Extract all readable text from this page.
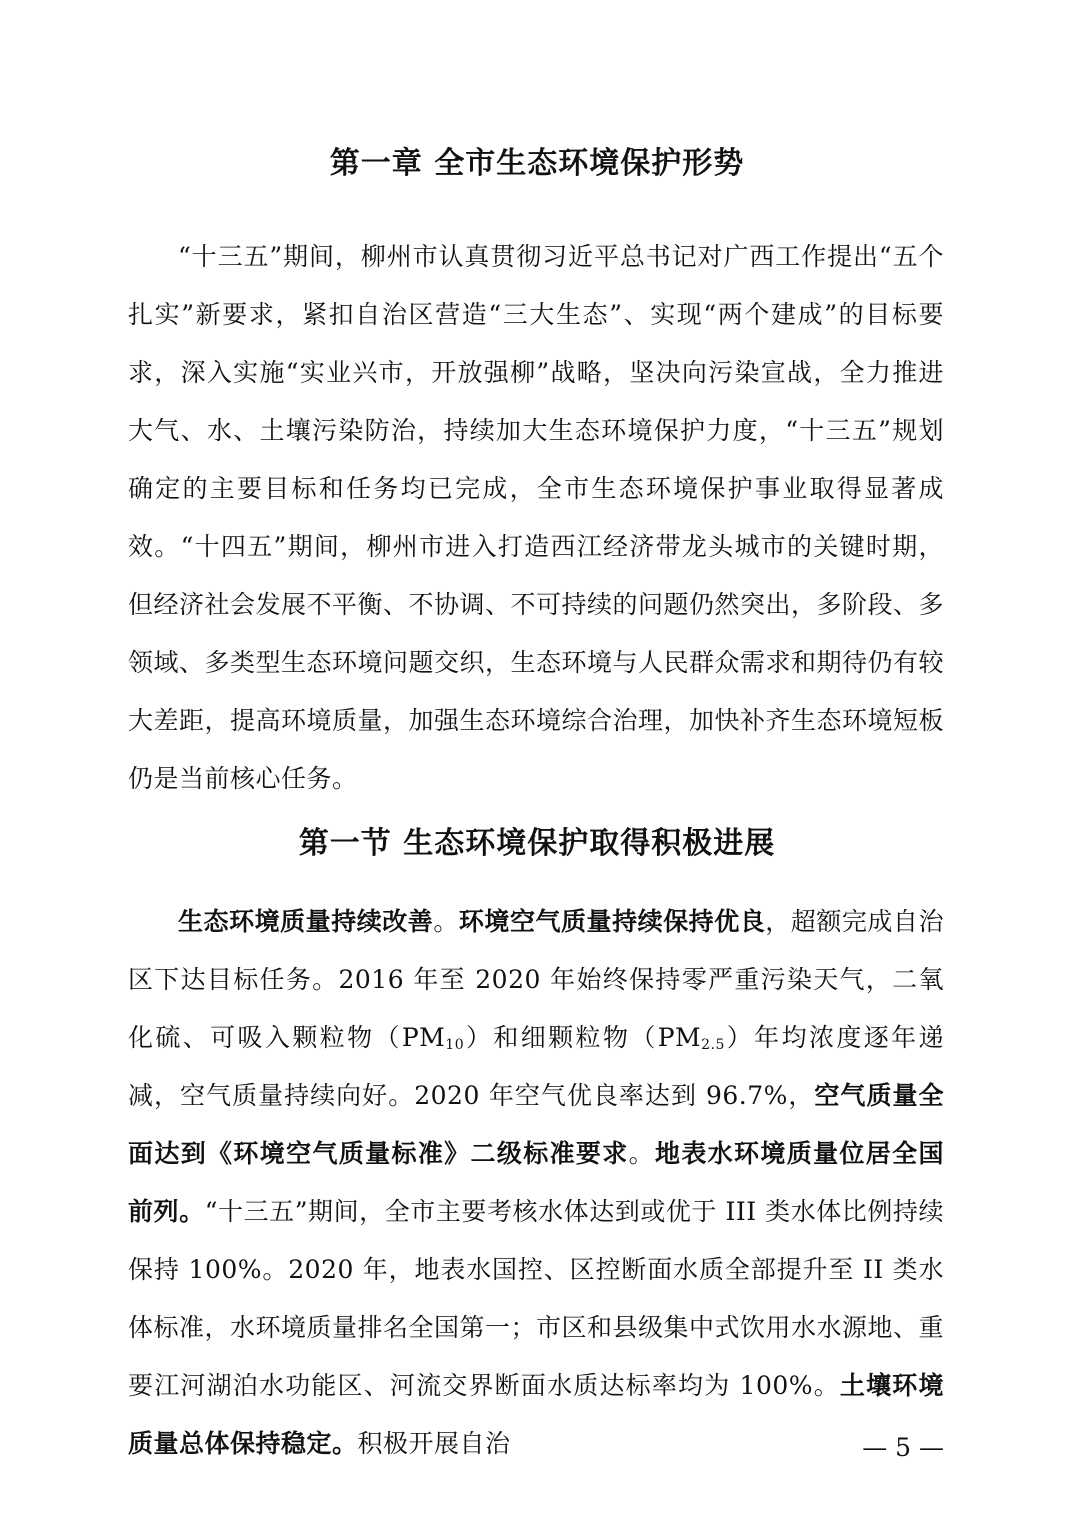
第一章 全市生态环境保护形势

“十三五”期间，柳州市认真贯彻习近平总书记对广西工作提出“五个扎实”新要求，紧扣自治区营造“三大生态”、实现“两个建成”的目标要求，深入实施“实业兴市，开放强柳”战略，坚决向污染宣战，全力推进大气、水、土壤污染防治，持续加大生态环境保护力度，“十三五”规划确定的主要目标和任务均已完成，全市生态环境保护事业取得显著成效。“十四五”期间，柳州市进入打造西江经济带龙头城市的关键时期，但经济社会发展不平衡、不协调、不可持续的问题仍然突出，多阶段、多领域、多类型生态环境问题交织，生态环境与人民群众需求和期待仍有较大差距，提高环境质量，加强生态环境综合治理，加快补齐生态环境短板仍是当前核心任务。

第一节 生态环境保护取得积极进展

生态环境质量持续改善。环境空气质量持续保持优良，超额完成自治区下达目标任务。2016 年至 2020 年始终保持零严重污染天气，二氧化硫、可吸入颗粒物$(PM_{10})$和细颗粒物$(PM_{2.5})$年均浓度逐年递减，空气质量持续向好。2020 年空气优良率达到 96.7%，空气质量全面达到《环境空气质量标准》二级标准要求。地表水环境质量位居全国前列。“十三五”期间，全市主要考核水体达到或优于 III 类水体比例持续保持 100%。2020 年，地表水国控、区控断面水质全部提升至 II 类水体标准，水环境质量排名全国第一；市区和县级集中式饮用水水源地、重要江河湖泊水功能区、河流交界断面水质达标率均为 100%。土壤环境质量总体保持稳定。积极开展自治	— 5 —
